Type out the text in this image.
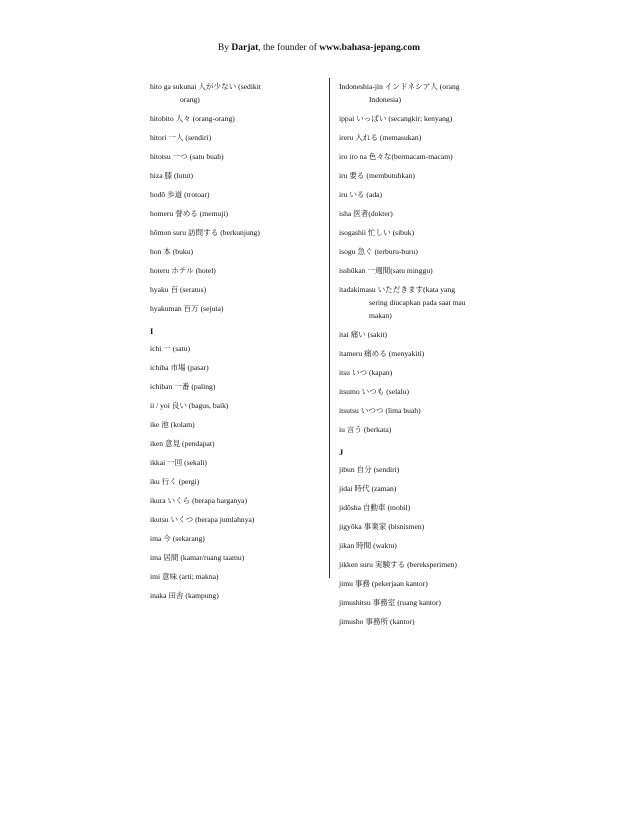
By Darjat, the founder of www.bahasa-jepang.com
hito ga sukunai 人が少ない (sedikit
orang)
hitobito 人々 (orang-orang)
hitori 一人 (sendiri)
hitotsu 一つ (satu buah)
hiza 膝 (lutut)
hodō 歩道 (trotoar)
homeru 誉める (memuji)
hōmon suru 訪問する (berkunjung)
hon 本 (buku)
hoteru ホテル (hotel)
hyaku 百 (seratus)
hyakuman 百万 (sejuta)
I
ichi 一 (satu)
ichiba 市場 (pasar)
ichiban 一番 (paling)
ii / yoi 良い (bagus, baik)
ike 池 (kolam)
iken 意見 (pendapat)
ikkai 一回 (sekali)
iku 行く (pergi)
ikura いくら (berapa harganya)
ikutsu いくつ (berapa jumlahnya)
ima 今 (sekarang)
ima 居間 (kamar/ruang taamu)
imi 意味 (arti; makna)
inaka 田舎 (kampung)
Indoneshia-jin インドネシア人 (orang
Indonesia)
ippai いっぱい (secangkir; kenyang)
ireru 入れる (memasukan)
iro iro na 色々な(bermacam-macam)
iru 要る (membutuhkan)
iru いる (ada)
isha 医者(dokter)
isogashii 忙しい (sibuk)
isogu 急ぐ (terburu-buru)
isshūkan 一週間(satu minggu)
itadakimasu いただきます(kata yang
sering diucapkan pada saat mau
makan)
itai 痛い (sakit)
itameru 痛める (menyakiti)
itsu いつ (kapan)
itsumo いつも (selalu)
itsutsu いつつ (lima buah)
iu 言う (berkata)
J
jibun 自分 (sendiri)
jidai 時代 (zaman)
jidōsha 自動車 (mobil)
jigyōka 事業家 (bisnismen)
jikan 時間 (waktu)
jikken suru 実験する (bereksperimen)
jimu 事務 (pekerjaan kantor)
jimushitsu 事務室 (ruang kantor)
jimusho 事務所 (kantor)
